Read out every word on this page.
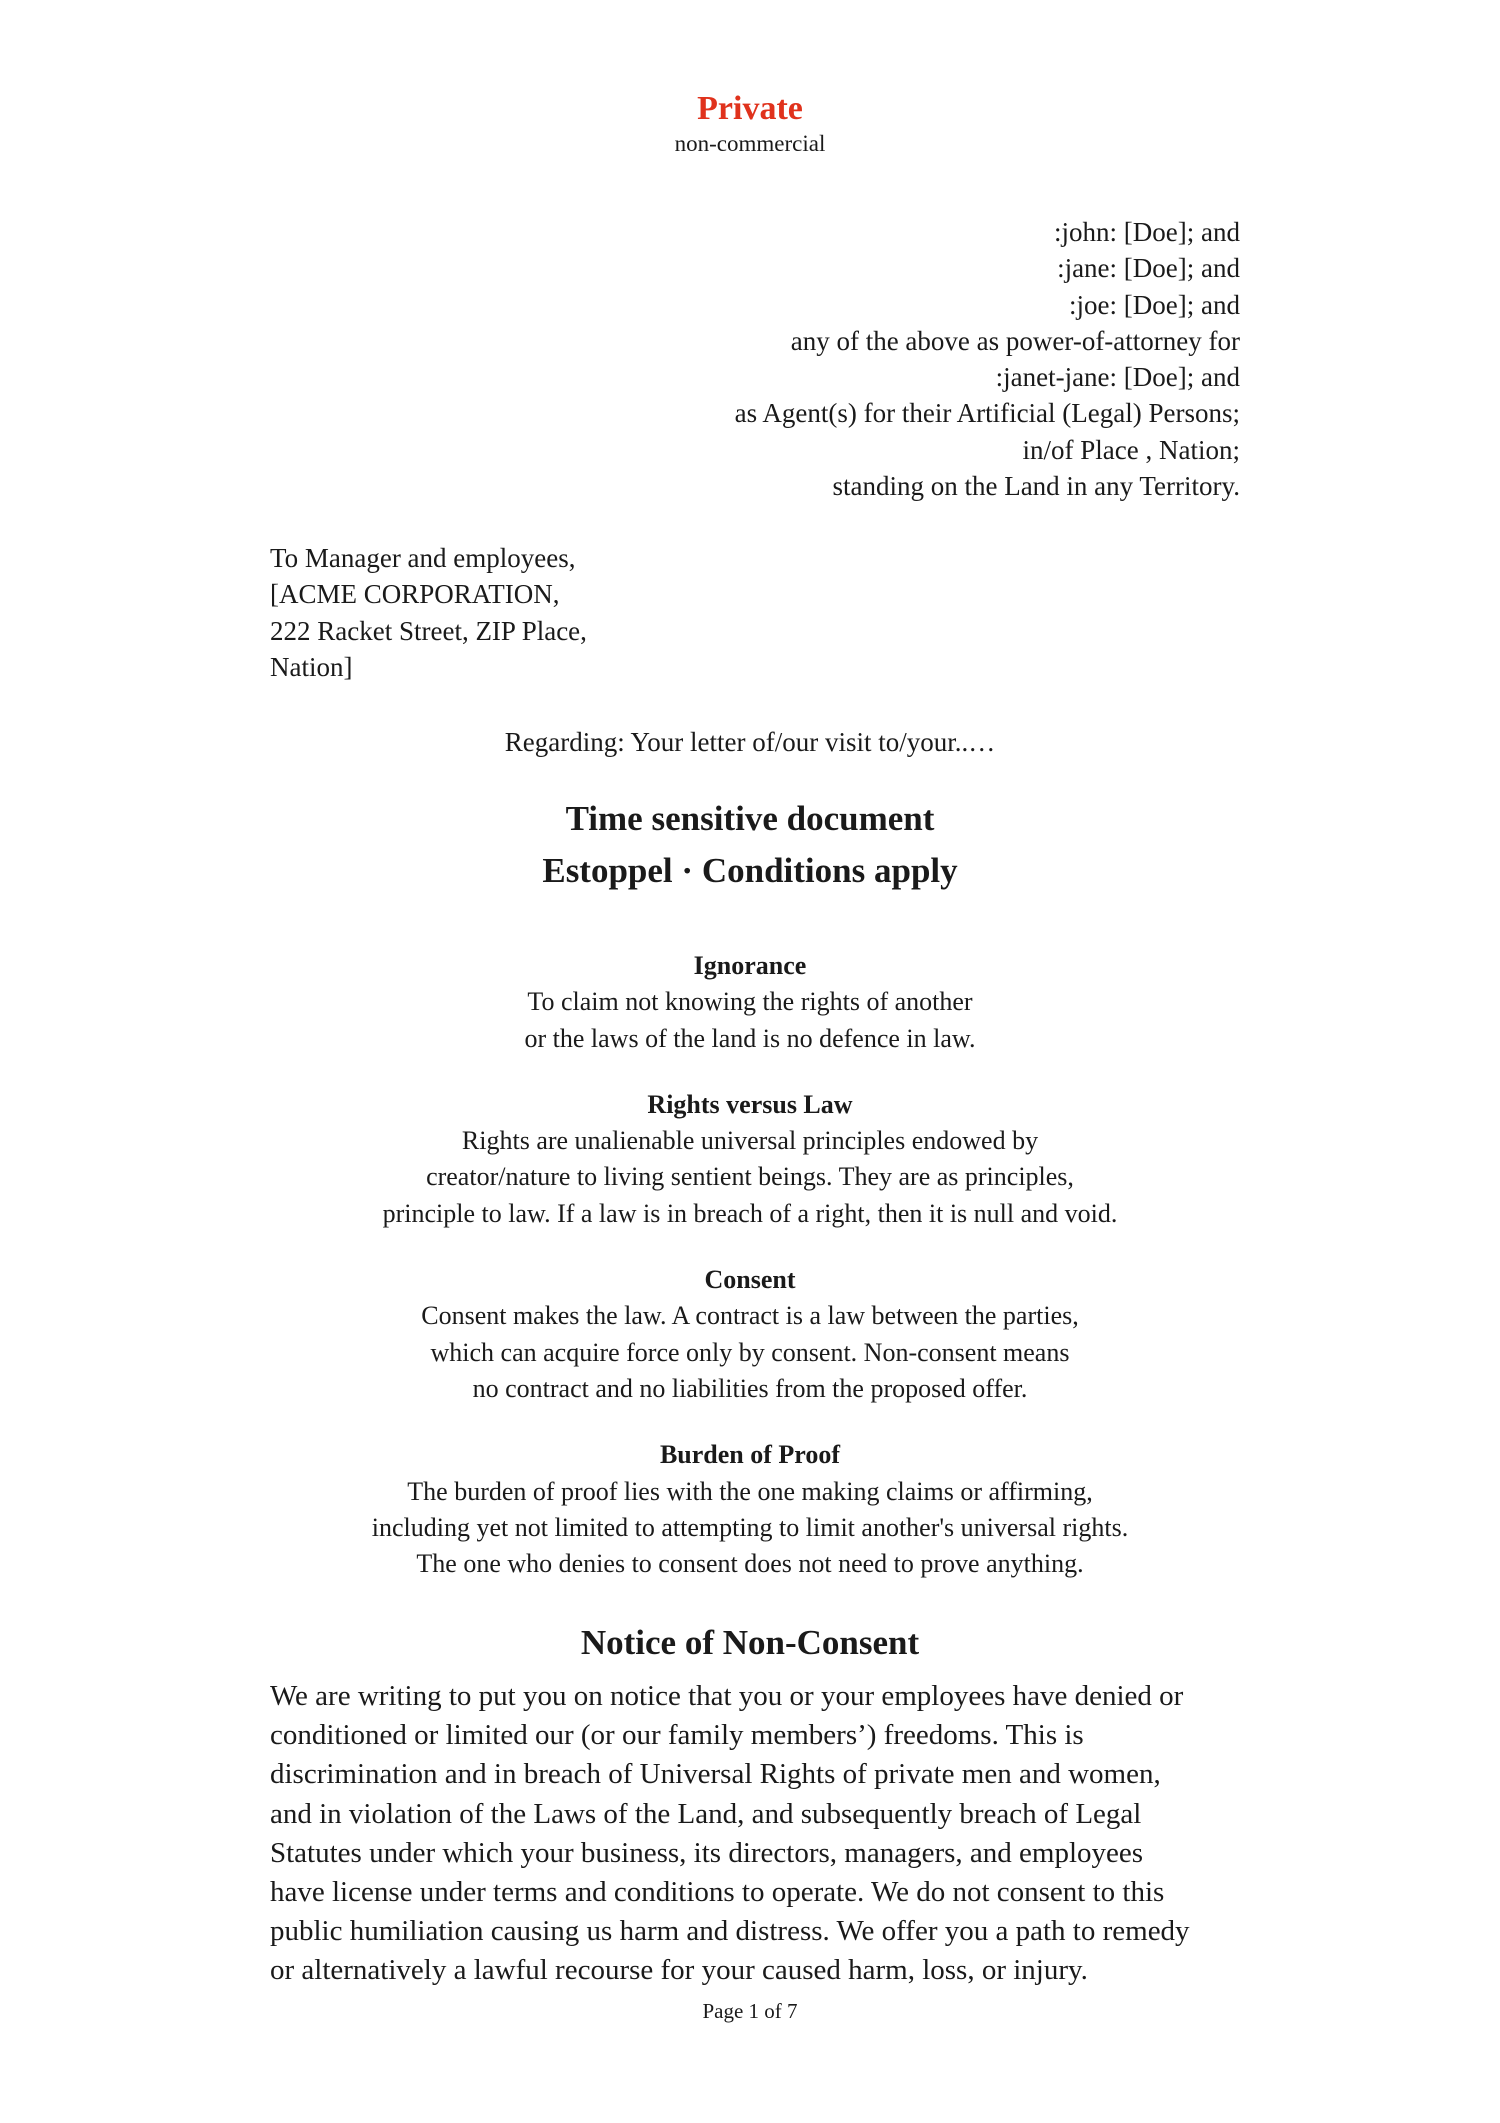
Private
non-commercial
:john: [Doe]; and
:jane: [Doe]; and
:joe: [Doe]; and
any of the above as power-of-attorney for
:janet-jane: [Doe]; and
as Agent(s) for their Artificial (Legal) Persons;
in/of Place , Nation;
standing on the Land in any Territory.
To Manager and employees,
[ACME CORPORATION,
222 Racket Street, ZIP Place,
Nation]
Regarding: Your letter of/our visit to/your..…
Time sensitive document
Estoppel · Conditions apply
Ignorance
To claim not knowing the rights of another
or the laws of the land is no defence in law.
Rights versus Law
Rights are unalienable universal principles endowed by
creator/nature to living sentient beings. They are as principles,
principle to law. If a law is in breach of a right, then it is null and void.
Consent
Consent makes the law. A contract is a law between the parties,
which can acquire force only by consent. Non-consent means
no contract and no liabilities from the proposed offer.
Burden of Proof
The burden of proof lies with the one making claims or affirming,
including yet not limited to attempting to limit another's universal rights.
The one who denies to consent does not need to prove anything.
Notice of Non-Consent
We are writing to put you on notice that you or your employees have denied or
conditioned or limited our (or our family members’) freedoms. This is
discrimination and in breach of Universal Rights of private men and women,
and in violation of the Laws of the Land, and subsequently breach of Legal
Statutes under which your business, its directors, managers, and employees
have license under terms and conditions to operate. We do not consent to this
public humiliation causing us harm and distress. We offer you a path to remedy
or alternatively a lawful recourse for your caused harm, loss, or injury.
Page 1 of 7
